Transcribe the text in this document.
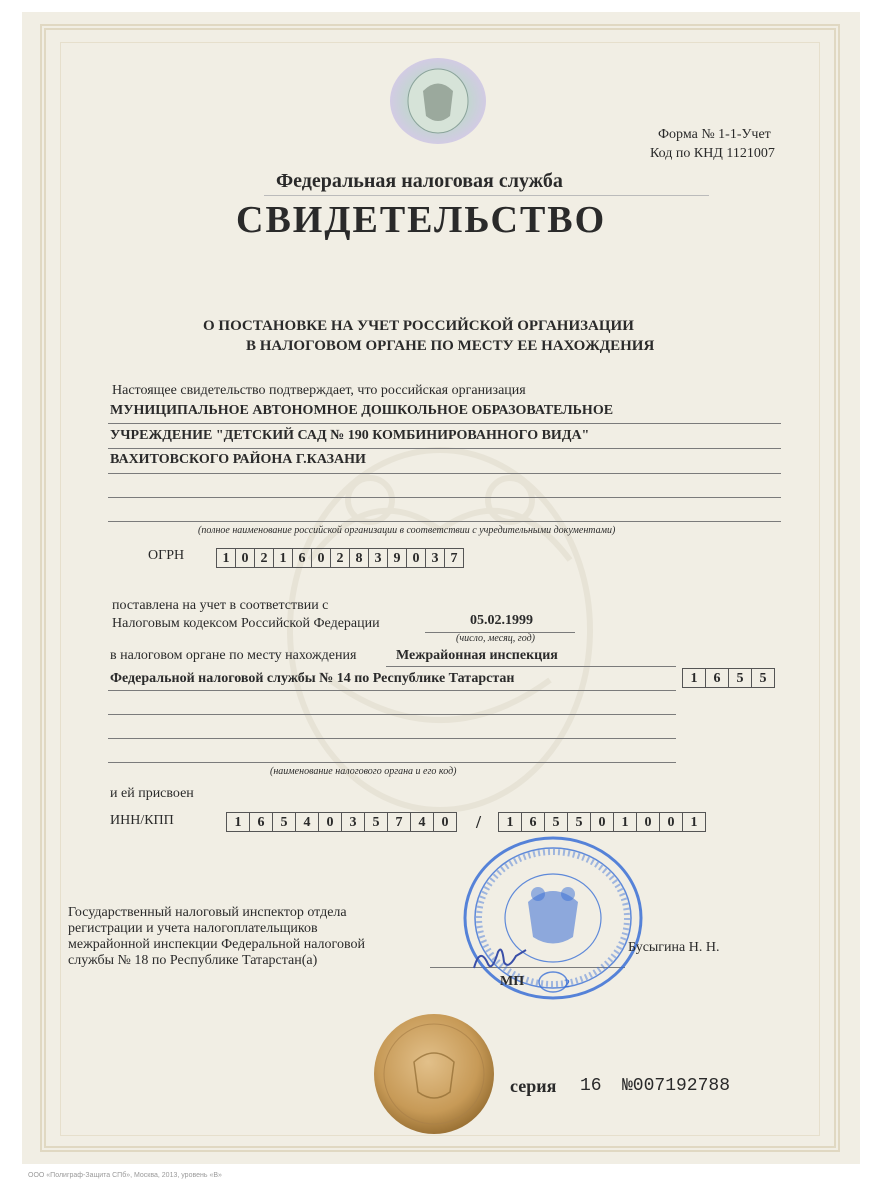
Форма № 1-1-Учет
Код по КНД 1121007
Федеральная налоговая служба
СВИДЕТЕЛЬСТВО
О ПОСТАНОВКЕ НА УЧЕТ РОССИЙСКОЙ ОРГАНИЗАЦИИ
В НАЛОГОВОМ ОРГАНЕ ПО МЕСТУ ЕЕ НАХОЖДЕНИЯ
Настоящее свидетельство подтверждает, что российская организация
МУНИЦИПАЛЬНОЕ АВТОНОМНОЕ ДОШКОЛЬНОЕ ОБРАЗОВАТЕЛЬНОЕ
УЧРЕЖДЕНИЕ "ДЕТСКИЙ САД № 190 КОМБИНИРОВАННОГО ВИДА"
ВАХИТОВСКОГО РАЙОНА Г.КАЗАНИ
(полное наименование российской организации в соответствии с учредительными документами)
ОГРН	1 0 2 1 6 0 2 8 3 9 0 3 7
поставлена на учет в соответствии с
Налоговым кодексом Российской Федерации	05.02.1999
(число, месяц, год)
в налоговом органе по месту нахождения	Межрайонная инспекция
Федеральной налоговой службы № 14 по Республике Татарстан	1	6	5	5
(наименование налогового органа и его код)
и ей присвоен
ИНН/КПП	1	6	5	4	0	3	5	7	4	0	/	1	6	5	5	0	1	0	0	1
Государственный налоговый инспектор отдела
регистрации и учета налогоплательщиков
межрайонной инспекции Федеральной налоговой
службы № 18 по Республике Татарстан(а)
2
МП
Бусыгина Н. Н.
серия 16 №007192788
ООО «Полиграф-Защита СПб», Москва, 2013, уровень «В»
